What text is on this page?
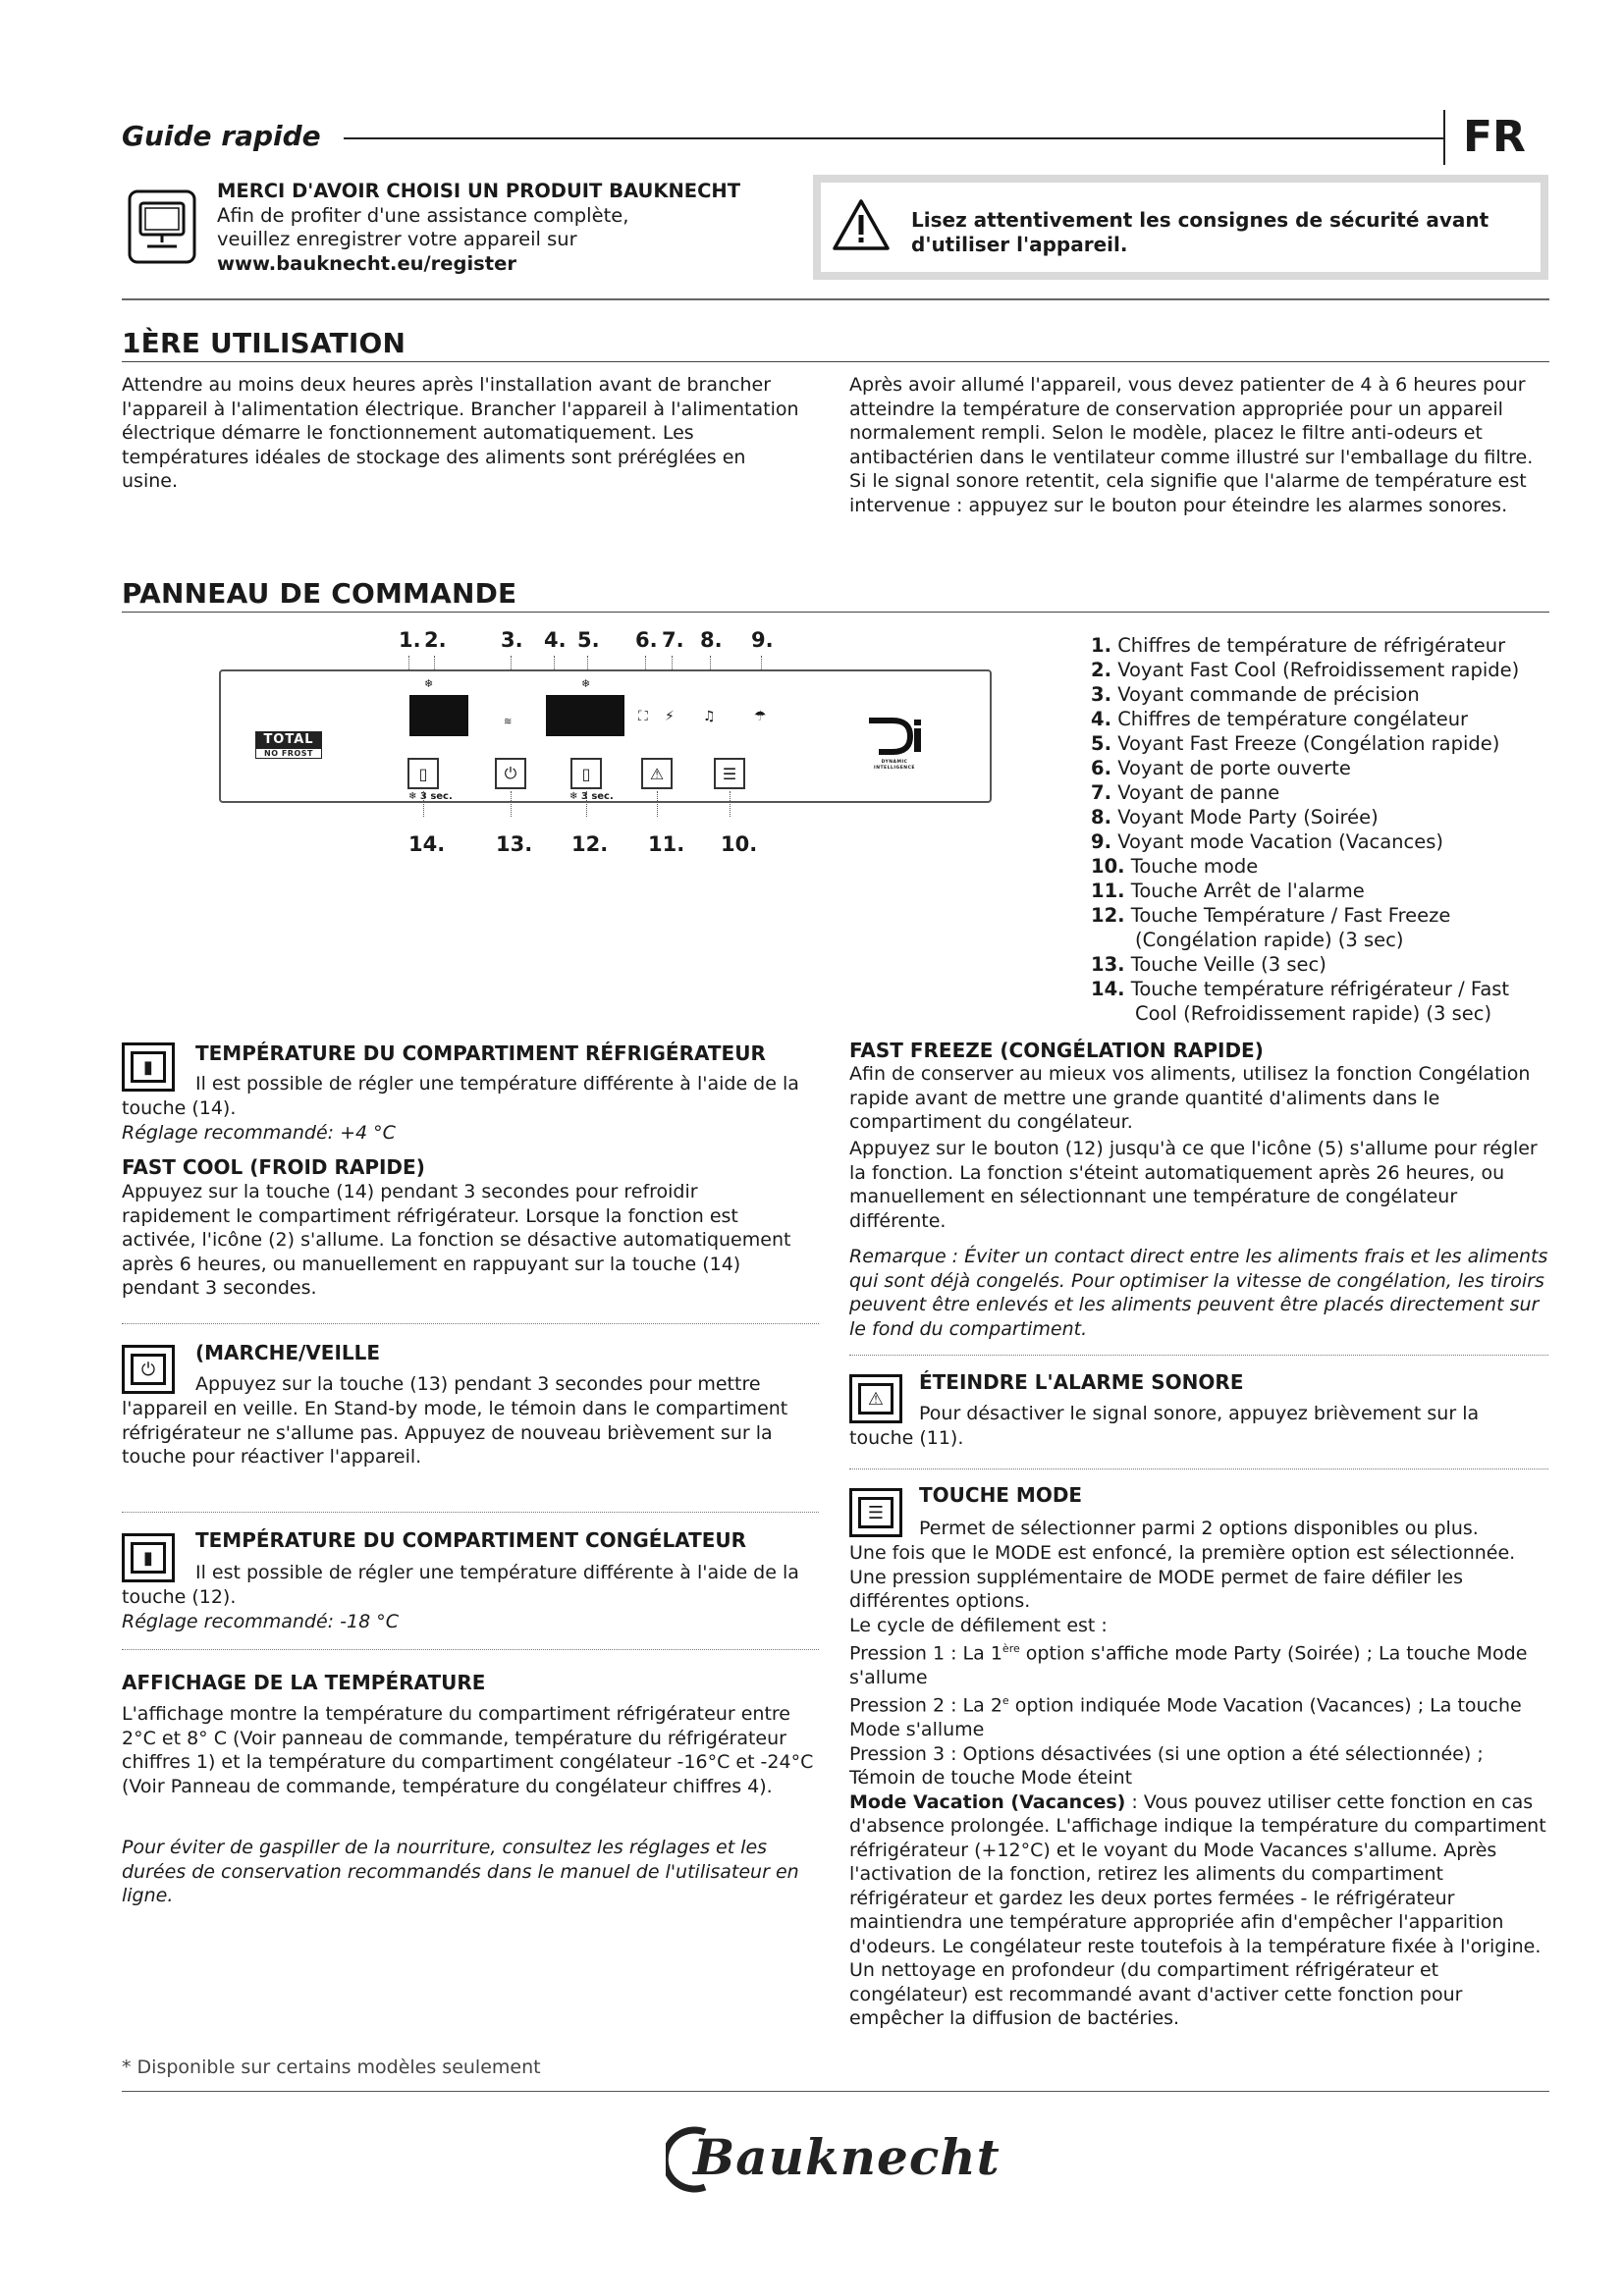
Guide rapide	FR

MERCI D'AVOIR CHOISI UN PRODUIT BAUKNECHT

Afin de profiter d'une assistance complète,

veuillez enregistrer votre appareil sur

www.bauknecht.eu/register

Lisez attentivement les consignes de sécurité avant

d'utiliser l'appareil.

1ÈRE UTILISATION

Attendre au moins deux heures après l'installation avant de brancher l'appareil à l'alimentation électrique. Brancher l'appareil à l'alimentation électrique démarre le fonctionnement automatiquement. Les températures idéales de stockage des aliments sont préréglées en usine.

Après avoir allumé l'appareil, vous devez patienter de 4 à 6 heures pour atteindre la température de conservation appropriée pour un appareil normalement rempli. Selon le modèle, placez le filtre anti-odeurs et antibactérien dans le ventilateur comme illustré sur l'emballage du filtre. Si le signal sonore retentit, cela signifie que l'alarme de température est intervenue : appuyez sur le bouton pour éteindre les alarmes sonores.

PANNEAU DE COMMANDE
1. 2.	3. 4. 5. 6. 7. 8. 9.
TOTAL
NO FROST
❄	❄
≋	⛶ ⚡ ♫	☂
▯	⏻	▯	⚠	☰
❄ 3 sec.	❄ 3 sec.
DYNAMIC INTELLIGENCE
14. 13. 12. 11. 10.
1. Chiffres de température de réfrigérateur
2. Voyant Fast Cool (Refroidissement rapide)
3. Voyant commande de précision
4. Chiffres de température congélateur
5. Voyant Fast Freeze (Congélation rapide)
6. Voyant de porte ouverte
7. Voyant de panne
8. Voyant Mode Party (Soirée)
9. Voyant mode Vacation (Vacances)
10. Touche mode
11. Touche Arrêt de l'alarme
12. Touche Température / Fast Freeze
(Congélation rapide) (3 sec)
13. Touche Veille (3 sec)
14. Touche température réfrigérateur / Fast
Cool (Refroidissement rapide) (3 sec)
▮
TEMPÉRATURE DU COMPARTIMENT RÉFRIGÉRATEUR

Il est possible de régler une température différente à l'aide de la

touche (14).

Réglage recommandé: +4 °C

FAST COOL (FROID RAPIDE)

Appuyez sur la touche (14) pendant 3 secondes pour refroidir rapidement le compartiment réfrigérateur. Lorsque la fonction est activée, l'icône (2) s'allume. La fonction se désactive automatiquement après 6 heures, ou manuellement en rappuyant sur la touche (14) pendant 3 secondes.

⏻
(MARCHE/VEILLE

Appuyez sur la touche (13) pendant 3 secondes pour mettre

l'appareil en veille. En Stand-by mode, le témoin dans le compartiment réfrigérateur ne s'allume pas. Appuyez de nouveau brièvement sur la touche pour réactiver l'appareil.

▮
TEMPÉRATURE DU COMPARTIMENT CONGÉLATEUR

Il est possible de régler une température différente à l'aide de la

touche (12).

Réglage recommandé: -18 °C

AFFICHAGE DE LA TEMPÉRATURE

L'affichage montre la température du compartiment réfrigérateur entre 2°C et 8° C (Voir panneau de commande, température du réfrigérateur chiffres 1) et la température du compartiment congélateur -16°C et -24°C (Voir Panneau de commande, température du congélateur chiffres 4).

Pour éviter de gaspiller de la nourriture, consultez les réglages et les durées de conservation recommandés dans le manuel de l'utilisateur en ligne.

FAST FREEZE (CONGÉLATION RAPIDE)

Afin de conserver au mieux vos aliments, utilisez la fonction Congélation rapide avant de mettre une grande quantité d'aliments dans le compartiment du congélateur.

Appuyez sur le bouton (12) jusqu'à ce que l'icône (5) s'allume pour régler la fonction. La fonction s'éteint automatiquement après 26 heures, ou manuellement en sélectionnant une température de congélateur différente.

Remarque : Éviter un contact direct entre les aliments frais et les aliments qui sont déjà congelés. Pour optimiser la vitesse de congélation, les tiroirs peuvent être enlevés et les aliments peuvent être placés directement sur le fond du compartiment.

⚠
ÉTEINDRE L'ALARME SONORE

Pour désactiver le signal sonore, appuyez brièvement sur la

touche (11).

☰
TOUCHE MODE

Permet de sélectionner parmi 2 options disponibles ou plus.

Une fois que le MODE est enfoncé, la première option est sélectionnée. Une pression supplémentaire de MODE permet de faire défiler les différentes options.

Le cycle de défilement est :

Pression 1 : La 1ère option s'affiche mode Party (Soirée) ; La touche Mode s'allume

Pression 2 : La 2e option indiquée Mode Vacation (Vacances) ; La touche Mode s'allume

Pression 3 : Options désactivées (si une option a été sélectionnée) ; Témoin de touche Mode éteint

Mode Vacation (Vacances) : Vous pouvez utiliser cette fonction en cas d'absence prolongée. L'affichage indique la température du compartiment réfrigérateur (+12°C) et le voyant du Mode Vacances s'allume. Après l'activation de la fonction, retirez les aliments du compartiment réfrigérateur et gardez les deux portes fermées - le réfrigérateur maintiendra une température appropriée afin d'empêcher l'apparition d'odeurs. Le congélateur reste toutefois à la température fixée à l'origine. Un nettoyage en profondeur (du compartiment réfrigérateur et congélateur) est recommandé avant d'activer cette fonction pour empêcher la diffusion de bactéries.

* Disponible sur certains modèles seulement

Bauknecht
